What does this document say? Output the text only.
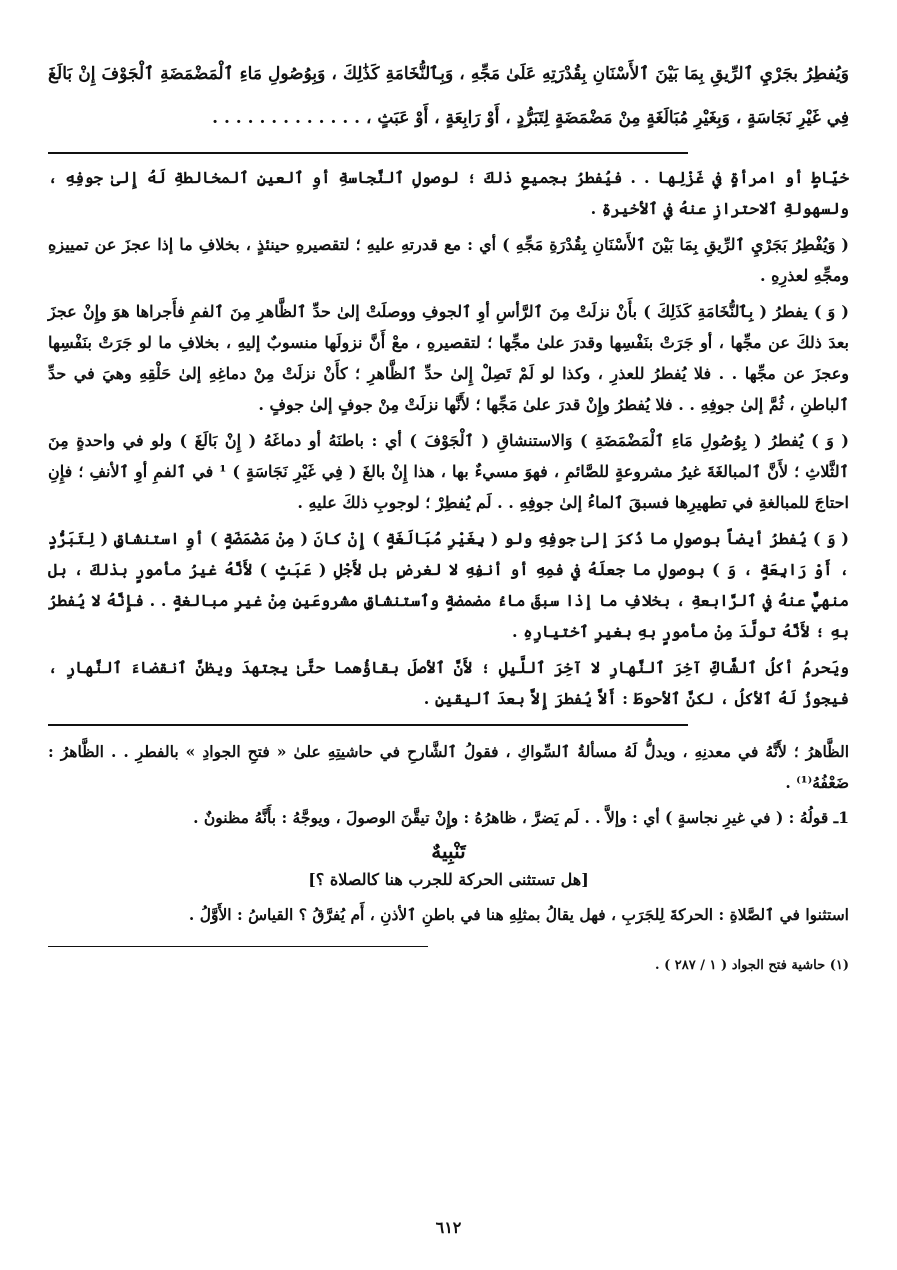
وَيُفطِرُ بجَرْيِ ٱلرِّيقِ بِمَا بَيْنَ ٱلأَسْنَانِ بِقُدْرَتِهِ عَلَىٰ مَجِّهِ ، وَبِٱلنُّخَامَةِ كَذَٰلِكَ ، وَبِوُصُولِ مَاءِ ٱلْمَضْمَضَةِ ٱلْجَوْفَ إِنْ بَالَغَ فِي غَيْرِ نَجَاسَةٍ ، وَبِغَيْرِ مُبَالَغَةٍ مِنْ مَضْمَضَةٍ لِتَبَرُّدٍ ، أَوْ رَابِعَةٍ ، أَوْ عَبَثٍ ، . . . . . . . . . . . . .

خيّاطٍ أو امرأةٍ في غَزْلِها . . فيُفطرُ بجميعِ ذلكَ ؛ لوصولِ ٱلنَّجاسةِ أوِ ٱلعينِ ٱلمخالطةِ لَهُ إِلىٰ جوفِهِ ، ولسهولةِ ٱلاحترازِ عنهُ في ٱلأخيرةِ .

( وَيُفْطِرُ بَجَرْيِ ٱلرِّيقِ بِمَا بَيْنَ ٱلأَسْنَانِ بِقُدْرَةِ مَجِّهِ ) أي : مع قدرتهِ عليهِ ؛ لتقصيرهِ حينئذٍ ، بخلافِ ما إذا عجزَ عن تمييزهِ ومجِّهِ لعذرِهِ .

( وَ ) يفطرُ ( بِٱلنُّخَامَةِ كَذَلِكَ ) بأَنْ نزلَتْ مِنَ ٱلرَّأسِ أوِ ٱلجوفِ ووصلَتْ إلىٰ حدِّ ٱلظَّاهرِ مِنَ ٱلفمِ فأَجراها هوَ وإِنْ عجزَ بعدَ ذلكَ عن مجِّها ، أو جَرَتْ بنَفْسِها وقدرَ علىٰ مجِّها ؛ لتقصيرهِ ، معْ أَنَّ نزولَها منسوبٌ إليهِ ، بخلافِ ما لو جَرَتْ بنَفْسِها وعجزَ عن مجِّها . . فلا يُفطرُ للعذرِ ، وكذا لو لَمْ تَصِلْ إِلىٰ حدِّ ٱلظَّاهرِ ؛ كأَنْ نزلَتْ مِنْ دماغِهِ إلىٰ حَلْقِهِ وهيَ في حدِّ ٱلباطنِ ، ثُمَّ إلىٰ جوفِهِ . . فلا يُفطرُ وإِنْ قدرَ علىٰ مَجِّها ؛ لأَنَّها نزلَتْ مِنْ جوفٍ إلىٰ جوفٍ .

( وَ ) يُفطرُ ( بِوُصُولِ مَاءِ ٱلْمَضْمَضَةِ ) وَالاستنشاقِ ( ٱلْجَوْفَ ) أي : باطنَهُ أو دماغَهُ ( إِنْ بَالَغَ ) ولو في واحدةٍ مِنَ ٱلثَّلاثِ ؛ لأَنَّ ٱلمبالغَةَ غيرُ مشروعةٍ للصَّائمِ ، فهوَ مسيءٌ بها ، هذا إِنْ بالغَ ( فِي غَيْرِ نَجَاسَةٍ ) ¹ في ٱلفمِ أوِ ٱلأنفِ ؛ فإِنِ احتاجَ للمبالغةِ في تطهيرِها فسبقَ ٱلماءُ إلىٰ جوفِهِ . . لَم يُفطِرْ ؛ لوجوبِ ذلكَ عليهِ .

( وَ ) يُفطرُ أيضاً بوصولِ ما ذُكرَ إلىٰ جوفِهِ ولو ( بِغَيْرِ مُبَالَغَةٍ ) إِنْ كانَ ( مِنْ مَضْمَضَةٍ ) أوِ استنشاقٍ ( لِتَبَرُّدٍ ، أَوْ رَابِعَةٍ ، وَ ) بوصولِ ما جعلَهُ في فمِهِ أو أنفِهِ لا لغرضٍ بل لأَجْلِ ( عَبَثٍ ) لأَنَّهُ غيرُ مأمورٍ بذلكَ ، بل منهيٌّ عنهُ في ٱلرَّابعةِ ، بخلافِ ما إذا سبقَ ماءُ مضمضةٍ وٱستنشاقٍ مشروعَينِ مِنْ غيرِ مبالغةٍ . . فإِنَّهُ لا يُفطرُ بهِ ؛ لأَنَّهُ تولَّدَ مِنْ مأمورٍ بهِ بغيرِ ٱختيارِهِ .

ويَحرمُ أكلُ ٱلشَّاكِّ آخِرَ ٱلنَّهارِ لا آخِرَ ٱللَّيلِ ؛ لأَنَّ ٱلأصلَ بقاؤُهما حتَّىٰ يجتهدَ ويظنَّ ٱنقضاءَ ٱلنَّهارِ ، فيجوزُ لَهُ ٱلأكلُ ، لكنَّ ٱلأحوطَ : أَلاَّ يُفطرَ إِلاَّ بعدَ ٱليقينِ .

الظَّاهرُ ؛ لأَنَّهُ في معدنِهِ ، ويدلُّ لَهُ مسألةُ ٱلسِّواكِ ، فقولُ ٱلشَّارحِ في حاشيتِهِ علىٰ « فتحِ الجوادِ » بالفطرِ . . الظَّاهرُ : ضَعْفُهُ⁽¹⁾ .

1ـ قولُهُ : ( في غيرِ نجاسةٍ ) أي : وإلاَّ . . لَم يَضرَّ ، ظاهرُهُ : وإِنْ تيقَّنَ الوصولَ ، ويوجَّهُ : بأَنَّهُ مظنونٌ .

تَنْبِيهٌ
[هل تستثنى الحركة للجرب هنا كالصلاة ؟]

استثنوا في ٱلصَّلاةِ : الحركةَ لِلجَرَبِ ، فهل يقالُ بمثلِهِ هنا في باطنِ ٱلأذنِ ، أَم يُفرَّقُ ؟ القياسُ : الأَوَّلُ .

(١) حاشية فتح الجواد ( ١ / ٢٨٧ ) .

٦١٢
